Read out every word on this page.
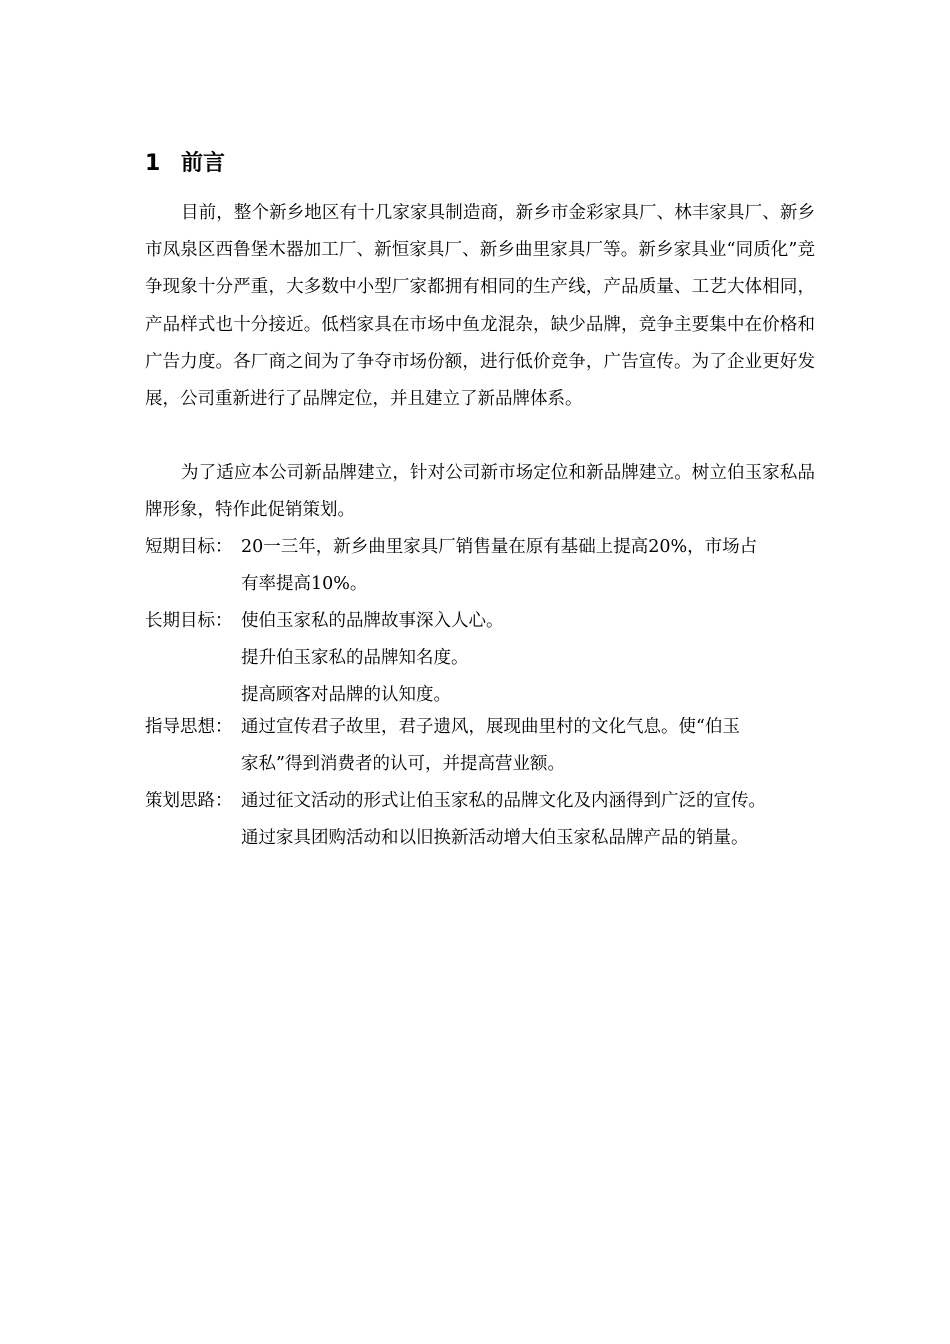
1 前言

目前，整个新乡地区有十几家家具制造商，新乡市金彩家具厂、林丰家具厂、新乡市凤泉区西鲁堡木器加工厂、新恒家具厂、新乡曲里家具厂等。新乡家具业“同质化”竞争现象十分严重，大多数中小型厂家都拥有相同的生产线，产品质量、工艺大体相同，产品样式也十分接近。低档家具在市场中鱼龙混杂，缺少品牌，竞争主要集中在价格和广告力度。各厂商之间为了争夺市场份额，进行低价竞争，广告宣传。为了企业更好发展，公司重新进行了品牌定位，并且建立了新品牌体系。

为了适应本公司新品牌建立，针对公司新市场定位和新品牌建立。树立伯玉家私品牌形象，特作此促销策划。

短期目标： 20一三年，新乡曲里家具厂销售量在原有基础上提高20%，市场占
有率提高10%。
长期目标： 使伯玉家私的品牌故事深入人心。
提升伯玉家私的品牌知名度。
提高顾客对品牌的认知度。
指导思想： 通过宣传君子故里，君子遗风，展现曲里村的文化气息。使“伯玉
家私”得到消费者的认可，并提高营业额。
策划思路： 通过征文活动的形式让伯玉家私的品牌文化及内涵得到广泛的宣传。
通过家具团购活动和以旧换新活动增大伯玉家私品牌产品的销量。
